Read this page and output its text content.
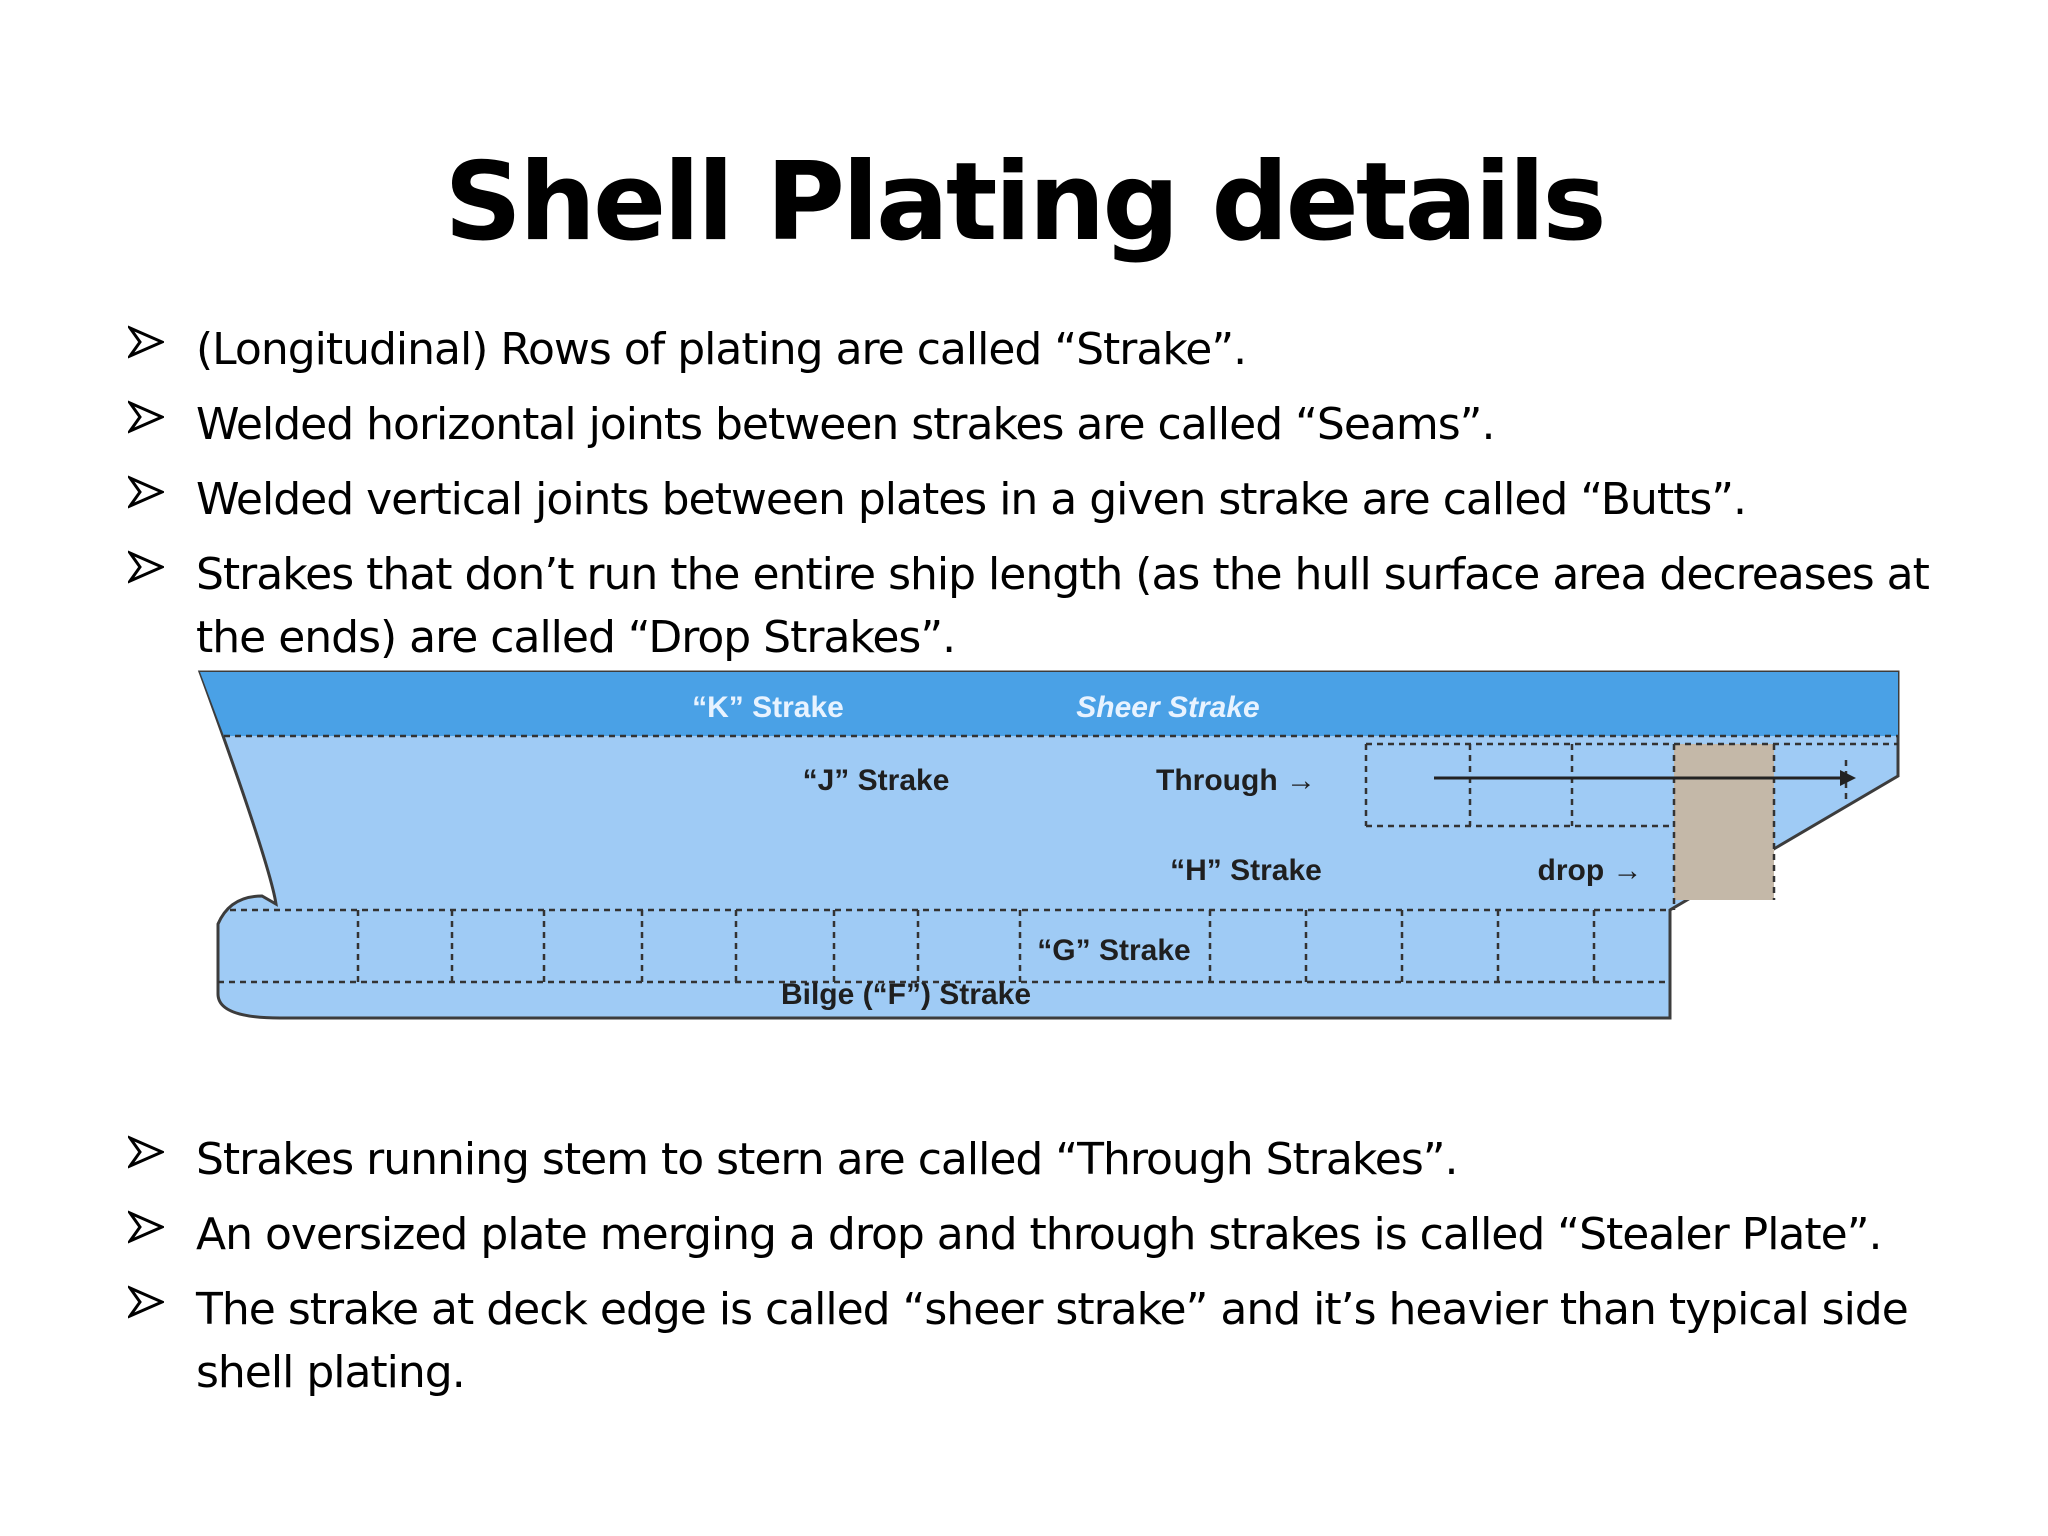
Shell Plating details
(Longitudinal) Rows of plating are called “Strake”.
Welded horizontal joints between strakes are called “Seams”.
Welded vertical joints between plates in a given strake are called “Butts”.
Strakes that don’t run the entire ship length (as the hull surface area decreases at the ends) are called “Drop Strakes”.
“K” Strake	Sheer Strake
“J” Strake	Through →
“H” Strake	drop →
“G” Strake
Bilge (“F”) Strake
Strakes running stem to stern are called “Through Strakes”.
An oversized plate merging a drop and through strakes is called “Stealer Plate”.
The strake at deck edge is called “sheer strake” and it’s heavier than typical side shell plating.
